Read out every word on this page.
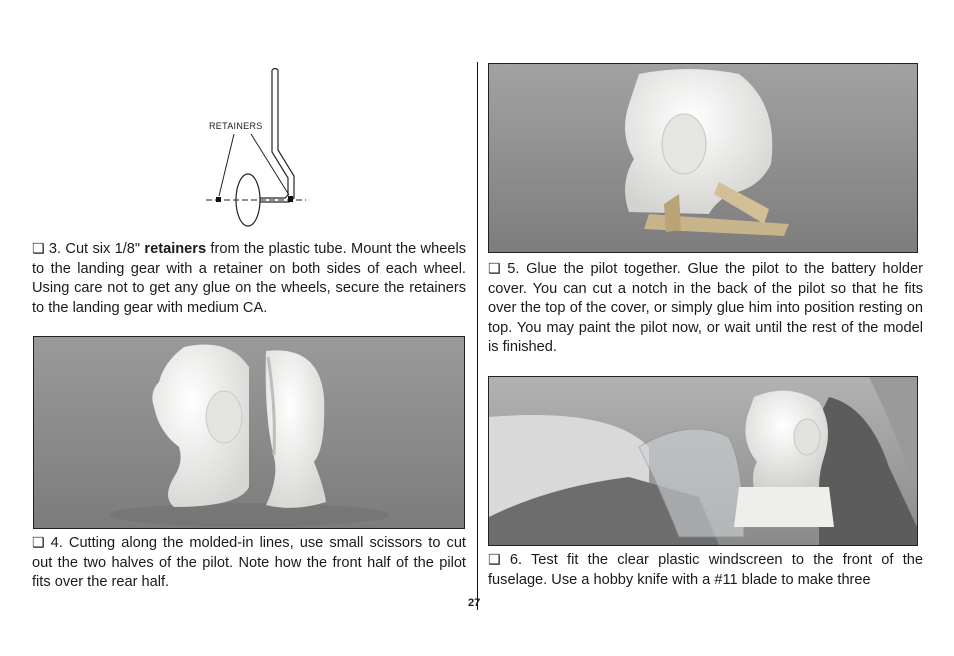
RETAINERS

❑ 3. Cut six 1/8" retainers from the plastic tube. Mount the wheels to the landing gear with a retainer on both sides of each wheel. Using care not to get any glue on the wheels, secure the retainers to the landing gear with medium CA.

❑ 4. Cutting along the molded-in lines, use small scissors to cut out the two halves of the pilot. Note how the front half of the pilot fits over the rear half.

❑ 5. Glue the pilot together. Glue the pilot to the battery holder cover. You can cut a notch in the back of the pilot so that he fits over the top of the cover, or simply glue him into position resting on top. You may paint the pilot now, or wait until the rest of the model is finished.

❑ 6. Test fit the clear plastic windscreen to the front of the fuselage. Use a hobby knife with a #11 blade to make three

27
